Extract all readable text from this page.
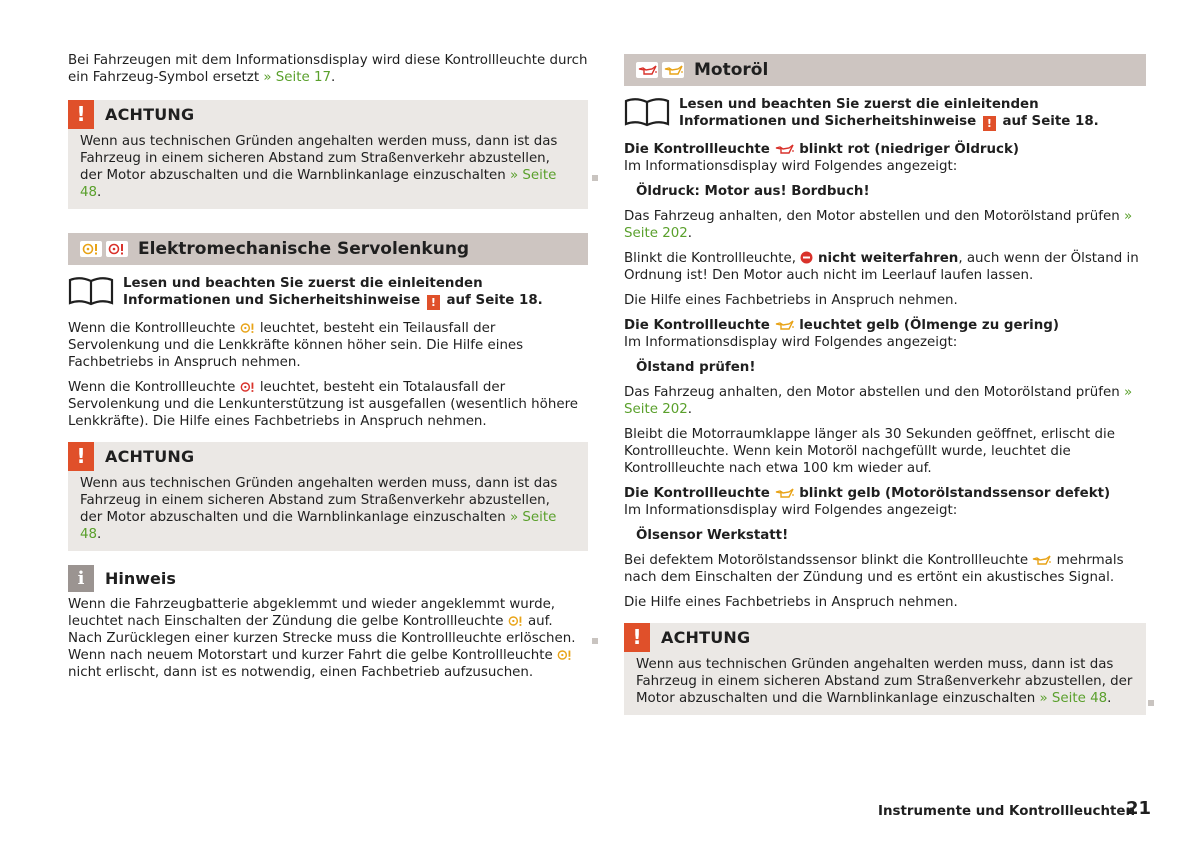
Bei Fahrzeugen mit dem Informationsdisplay wird diese Kontrollleuchte durch ein Fahrzeug-Symbol ersetzt » Seite 17.

!	ACHTUNG
Wenn aus technischen Gründen angehalten werden muss, dann ist das Fahrzeug in einem sicheren Abstand zum Straßenverkehr abzustellen, der Motor abzuschalten und die Warnblinkanlage einzuschalten » Seite 48.
Elektromechanische Servolenkung
Lesen und beachten Sie zuerst die einleitenden Informationen und Sicherheitshinweise ! auf Seite 18.

Wenn die Kontrollleuchte  leuchtet, besteht ein Teilausfall der Servolenkung und die Lenkkräfte können höher sein. Die Hilfe eines Fachbetriebs in Anspruch nehmen.

Wenn die Kontrollleuchte  leuchtet, besteht ein Totalausfall der Servolenkung und die Lenkunterstützung ist ausgefallen (wesentlich höhere Lenkkräfte). Die Hilfe eines Fachbetriebs in Anspruch nehmen.

!	ACHTUNG
Wenn aus technischen Gründen angehalten werden muss, dann ist das Fahrzeug in einem sicheren Abstand zum Straßenverkehr abzustellen, der Motor abzuschalten und die Warnblinkanlage einzuschalten » Seite 48.
i	Hinweis
Wenn die Fahrzeugbatterie abgeklemmt und wieder angeklemmt wurde, leuchtet nach Einschalten der Zündung die gelbe Kontrollleuchte  auf. Nach Zurücklegen einer kurzen Strecke muss die Kontrollleuchte erlöschen. Wenn nach neuem Motorstart und kurzer Fahrt die gelbe Kontrollleuchte  nicht erlischt, dann ist es notwendig, einen Fachbetrieb aufzusuchen.
Motoröl
Lesen und beachten Sie zuerst die einleitenden Informationen und Sicherheitshinweise ! auf Seite 18.
Die Kontrollleuchte  blinkt rot (niedriger Öldruck)

Im Informationsdisplay wird Folgendes angezeigt:

Öldruck: Motor aus! Bordbuch!

Das Fahrzeug anhalten, den Motor abstellen und den Motorölstand prüfen » Seite 202.

Blinkt die Kontrollleuchte,  nicht weiterfahren, auch wenn der Ölstand in Ordnung ist! Den Motor auch nicht im Leerlauf laufen lassen.

Die Hilfe eines Fachbetriebs in Anspruch nehmen.

Die Kontrollleuchte  leuchtet gelb (Ölmenge zu gering)

Im Informationsdisplay wird Folgendes angezeigt:

Ölstand prüfen!

Das Fahrzeug anhalten, den Motor abstellen und den Motorölstand prüfen » Seite 202.

Bleibt die Motorraumklappe länger als 30 Sekunden geöffnet, erlischt die Kontrollleuchte. Wenn kein Motoröl nachgefüllt wurde, leuchtet die Kontrollleuchte nach etwa 100 km wieder auf.

Die Kontrollleuchte  blinkt gelb (Motorölstandssensor defekt)

Im Informationsdisplay wird Folgendes angezeigt:

Ölsensor Werkstatt!

Bei defektem Motorölstandssensor blinkt die Kontrollleuchte  mehrmals nach dem Einschalten der Zündung und es ertönt ein akustisches Signal.

Die Hilfe eines Fachbetriebs in Anspruch nehmen.

!	ACHTUNG
Wenn aus technischen Gründen angehalten werden muss, dann ist das Fahrzeug in einem sicheren Abstand zum Straßenverkehr abzustellen, der Motor abzuschalten und die Warnblinkanlage einzuschalten » Seite 48.
Instrumente und Kontrollleuchten
21
